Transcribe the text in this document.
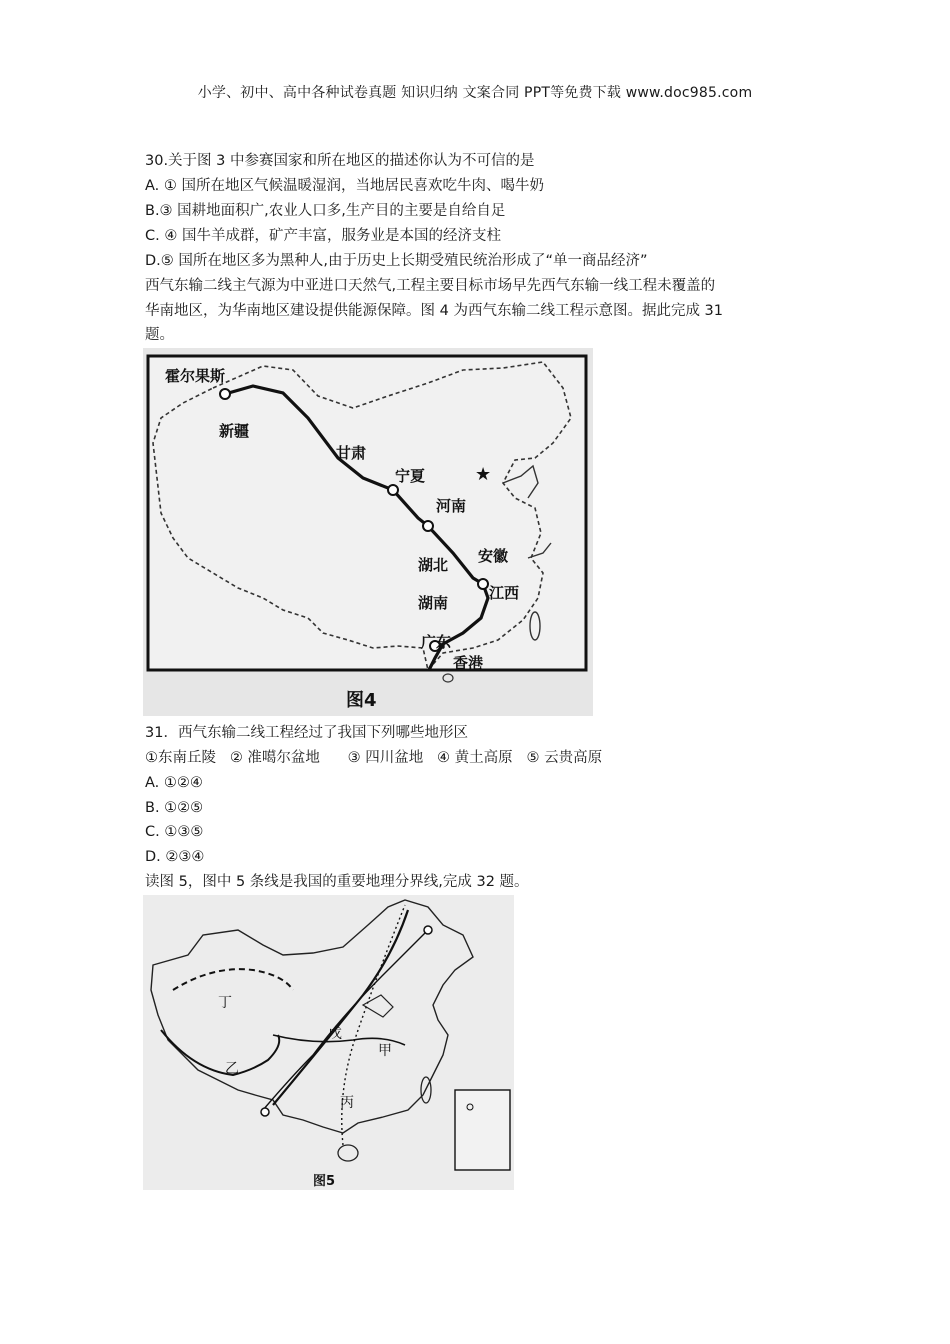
小学、初中、高中各种试卷真题 知识归纳 文案合同 PPT等免费下载 www.doc985.com
30.关于图 3 中参赛国家和所在地区的描述你认为不可信的是
A. ① 国所在地区气候温暖湿润，当地居民喜欢吃牛肉、喝牛奶
B.③ 国耕地面积广,农业人口多,生产目的主要是自给自足
C. ④ 国牛羊成群，矿产丰富，服务业是本国的经济支柱
D.⑤ 国所在地区多为黑种人,由于历史上长期受殖民统治形成了“单一商品经济”
西气东输二线主气源为中亚进口天然气,工程主要目标市场早先西气东输一线工程未覆盖的
华南地区，为华南地区建设提供能源保障。图 4 为西气东输二线工程示意图。据此完成 31
题。
霍尔果斯
新疆
甘肃
宁夏
河南
安徽
湖北
江西
湖南
广东
香港
★
图4
31．西气东输二线工程经过了我国下列哪些地形区
①东南丘陵   ② 准噶尔盆地      ③ 四川盆地   ④ 黄土高原   ⑤ 云贵高原
A. ①②④
B. ①②⑤
C. ①③⑤
D. ②③④
读图 5，图中 5 条线是我国的重要地理分界线,完成 32 题。
丁
乙
戊
甲
丙
图5
